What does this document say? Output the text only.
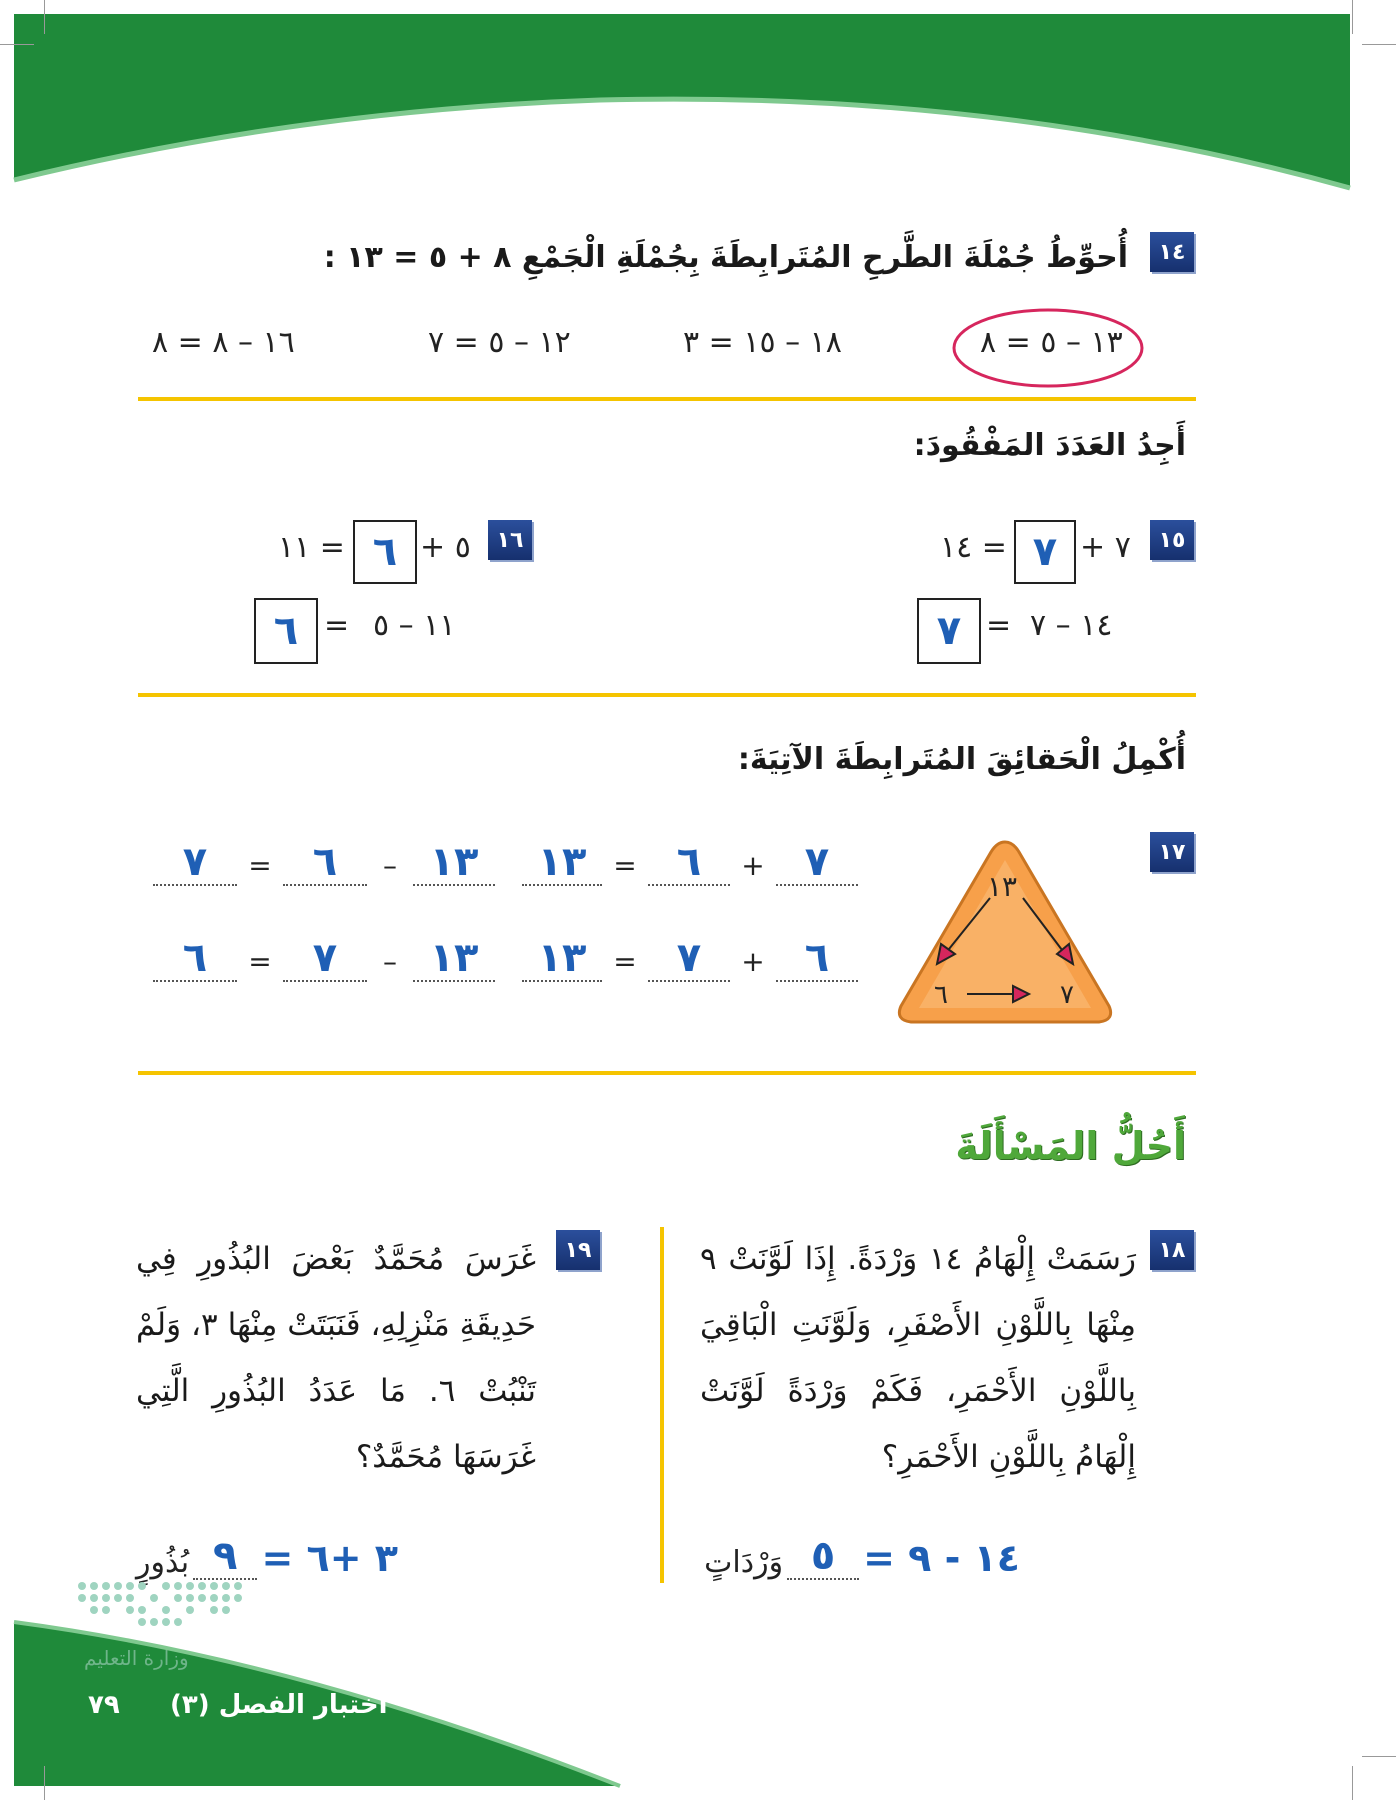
١٤
أُحوِّطُ جُمْلَةَ الطَّرحِ المُتَرابِطَةَ بِجُمْلَةِ الْجَمْعِ ٨ + ٥ = ١٣ :
١٣ – ٥ = ٨
١٨ – ١٥ = ٣
١٢ – ٥ = ٧
١٦ – ٨ = ٨
أَجِدُ العَدَدَ المَفْقُودَ:
١٥
٧ +
٧
= ١٤
١٤ – ٧
=
٧
١٦
٥ +
٦
= ١١
١١ – ٥
=
٦
أُكْمِلُ الْحَقائِقَ المُتَرابِطَةَ الآتِيَةَ:
١٧
١٣
٦	٧
١٣ =	٦	+	٧
٧	=	٦	– ١٣
١٣ =	٧	+	٦
٦	=	٧	– ١٣
أَحُلُّ المَسْأَلَةَ
١٨
رَسَمَتْ إِلْهَامُ ١٤ وَرْدَةً. إِذَا لَوَّنَتْ ٩ مِنْهَا بِاللَّوْنِ الأَصْفَرِ، وَلَوَّنَتِ الْبَاقِيَ بِاللَّوْنِ الأَحْمَرِ، فَكَمْ وَرْدَةً لَوَّنَتْ إِلْهَامُ بِاللَّوْنِ الأَحْمَرِ؟
١٤ - ٩ =
٥
وَرْدَاتٍ
١٩
غَرَسَ مُحَمَّدٌ بَعْضَ البُذُورِ فِي حَدِيقَةِ مَنْزِلِهِ، فَنَبَتَتْ مِنْهَا ٣، وَلَمْ تَنْبُتْ ٦. مَا عَدَدُ البُذُورِ الَّتِي غَرَسَهَا مُحَمَّدٌ؟
٣ +٦ =
٩
بُذُورٍ
وزارة التعليم
اختبار الفصل (٣)
٧٩
